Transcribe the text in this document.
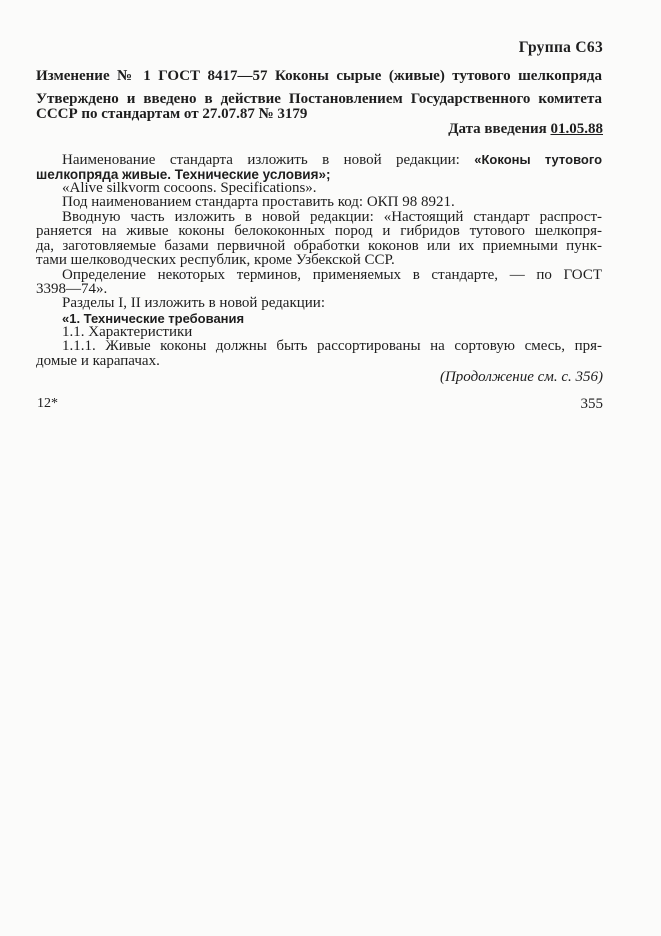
Группа С63
Изменение № 1 ГОСТ 8417—57 Коконы сырые (живые) тутового шелкопряда
Утверждено и введено в действие Постановлением Государственного комитета
СССР по стандартам от 27.07.87 № 3179
Дата введения 01.05.88
Наименование стандарта изложить в новой редакции: «Коконы тутового
шелкопряда живые. Технические условия»;
«Alive silkvorm cocoons. Specifications».
Под наименованием стандарта проставить код: ОКП 98 8921.
Вводную часть изложить в новой редакции: «Настоящий стандарт распрост-
раняется на живые коконы белококонных пород и гибридов тутового шелкопря-
да, заготовляемые базами первичной обработки коконов или их приемными пунк-
тами шелководческих республик, кроме Узбекской ССР.
Определение некоторых терминов, применяемых в стандарте, — по ГОСТ
3398—74».
Разделы I, II изложить в новой редакции:
«1. Технические требования
1.1. Характеристики
1.1.1. Живые коконы должны быть рассортированы на сортовую смесь, пря-
домые и карапачах.
(Продолжение см. с. 356)
12*	355
